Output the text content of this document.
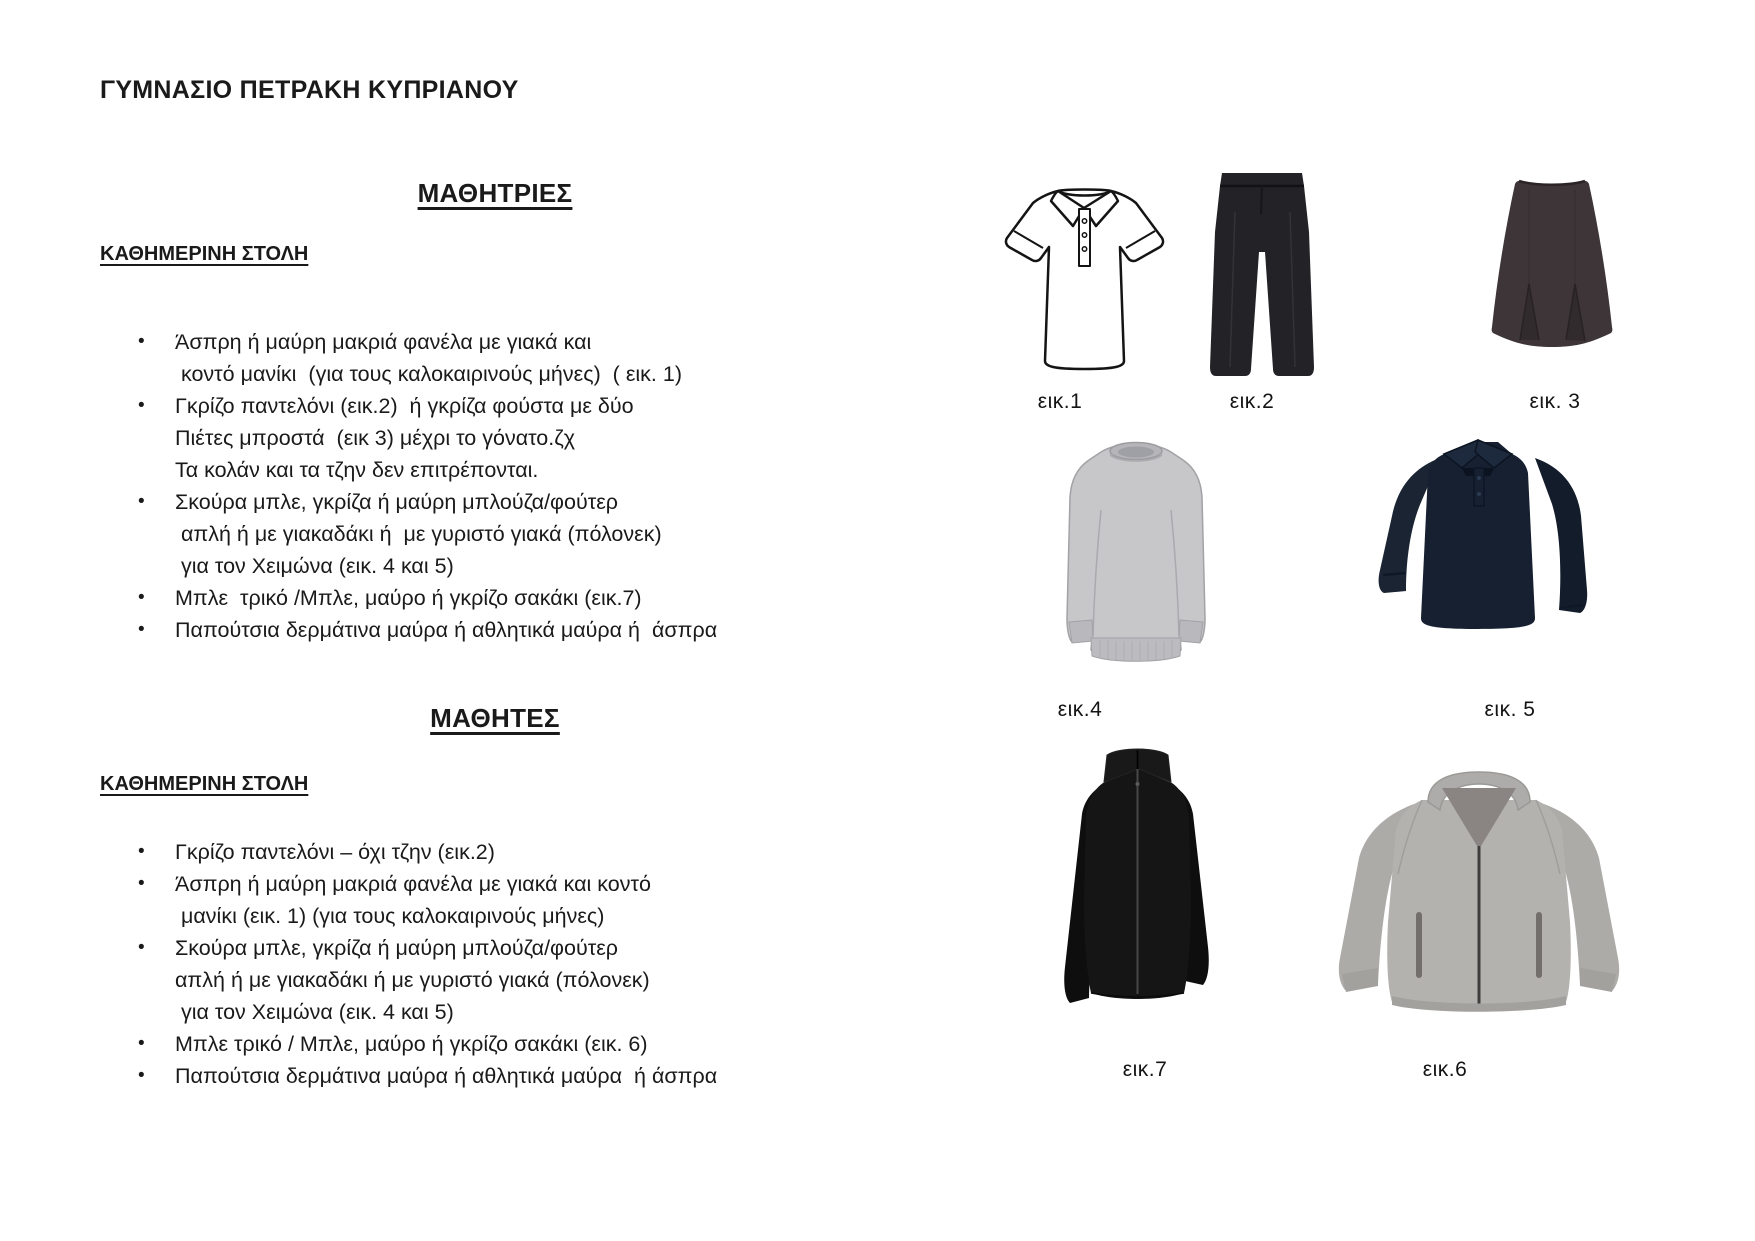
ΓΥΜΝΑΣΙΟ ΠΕΤΡΑΚΗ ΚΥΠΡΙΑΝΟΥ
ΜΑΘΗΤΡΙΕΣ
ΚΑΘΗΜΕΡΙΝΗ ΣΤΟΛΗ
•	Άσπρη ή μαύρη μακριά φανέλα με γιακά και
κοντό μανίκι  (για τους καλοκαιρινούς μήνες)  ( εικ. 1)
•	Γκρίζο παντελόνι (εικ.2)  ή γκρίζα φούστα με δύο
Πιέτες μπροστά  (εικ 3) μέχρι το γόνατο.ζχ
Τα κολάν και τα τζην δεν επιτρέπονται.
•	Σκούρα μπλε, γκρίζα ή μαύρη μπλούζα/φούτερ
απλή ή με γιακαδάκι ή  με γυριστό γιακά (πόλονεκ)
για τον Χειμώνα (εικ. 4 και 5)
•	Μπλε  τρικό /Μπλε, μαύρο ή γκρίζο σακάκι (εικ.7)
•	Παπούτσια δερμάτινα μαύρα ή αθλητικά μαύρα ή  άσπρα
ΜΑΘΗΤΕΣ
ΚΑΘΗΜΕΡΙΝΗ ΣΤΟΛΗ
•	Γκρίζο παντελόνι – όχι τζην (εικ.2)
•	Άσπρη ή μαύρη μακριά φανέλα με γιακά και κοντό
μανίκι (εικ. 1) (για τους καλοκαιρινούς μήνες)
•	Σκούρα μπλε, γκρίζα ή μαύρη μπλούζα/φούτερ
απλή ή με γιακαδάκι ή με γυριστό γιακά (πόλονεκ)
για τον Χειμώνα (εικ. 4 και 5)
•	Μπλε τρικό / Μπλε, μαύρο ή γκρίζο σακάκι (εικ. 6)
•	Παπούτσια δερμάτινα μαύρα ή αθλητικά μαύρα  ή άσπρα
εικ.1	εικ.2	εικ. 3
εικ.4	εικ. 5
εικ.7	εικ.6
